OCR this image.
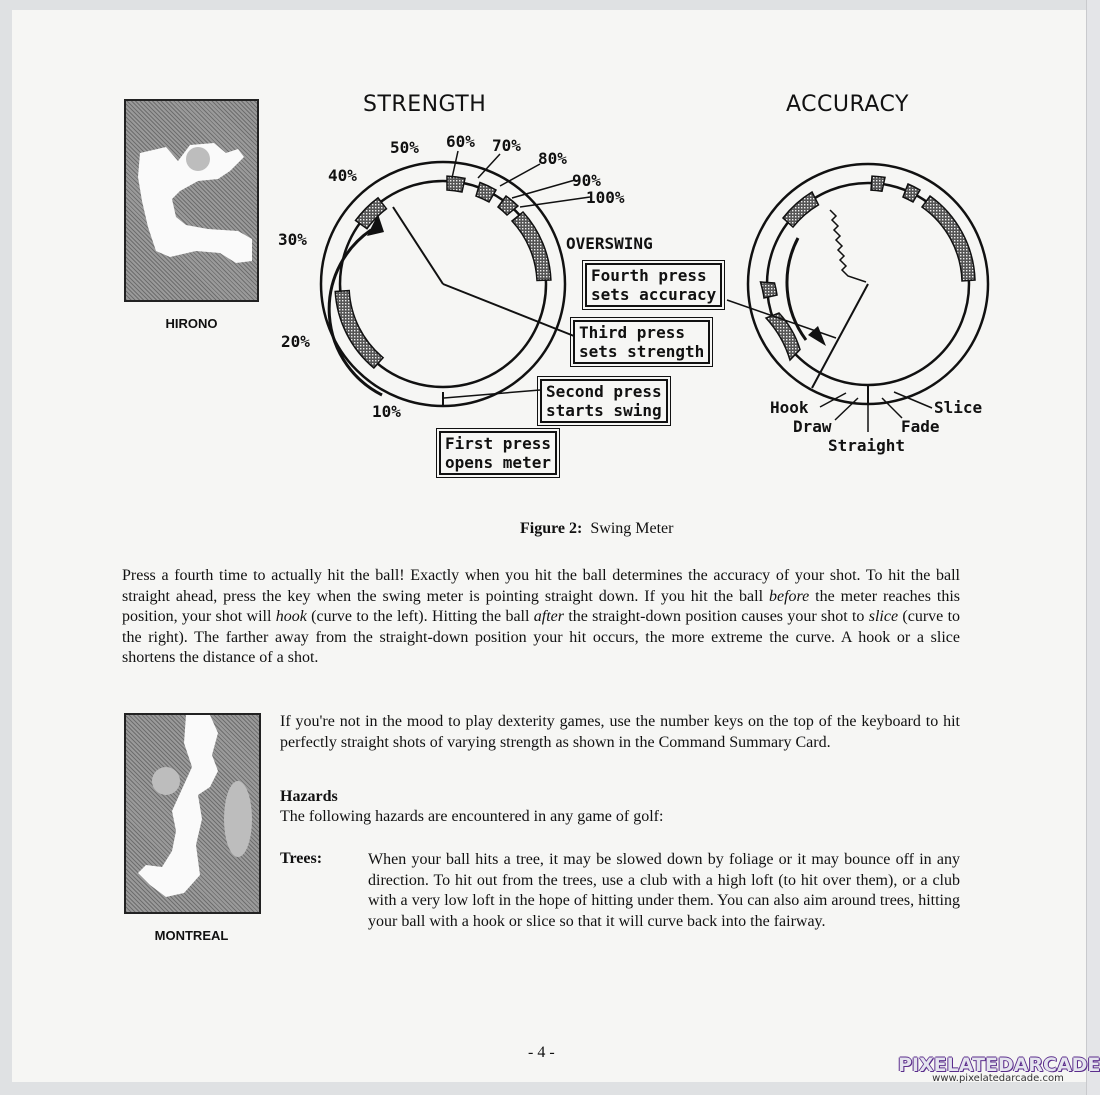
HIRONO
MONTREAL
STRENGTH	ACCURACY
10%
20%
30%
40%
50% 60% 70%
80%
90%
100%
OVERSWING
Fourth press
sets accuracy
Third press
sets strength
Second press
starts swing
First press
opens meter
Hook
Draw
Straight
Fade
Slice
Figure 2: Swing Meter
Press a fourth time to actually hit the ball! Exactly when you hit the ball determines the accuracy of your shot. To hit the ball straight ahead, press the key when the swing meter is pointing straight down. If you hit the ball before the meter reaches this position, your shot will hook (curve to the left). Hitting the ball after the straight-down position causes your shot to slice (curve to the right). The farther away from the straight-down position your hit occurs, the more extreme the curve. A hook or a slice shortens the distance of a shot.
If you're not in the mood to play dexterity games, use the number keys on the top of the keyboard to hit perfectly straight shots of varying strength as shown in the Command Summary Card.
Hazards
The following hazards are encountered in any game of golf:
Trees:	When your ball hits a tree, it may be slowed down by foliage or it may bounce off in any direction. To hit out from the trees, use a club with a high loft (to hit over them), or a club with a very low loft in the hope of hitting under them. You can also aim around trees, hitting your ball with a hook or slice so that it will curve back into the fairway.
- 4 -
PIXELATEDARCADE
www.pixelatedarcade.com
